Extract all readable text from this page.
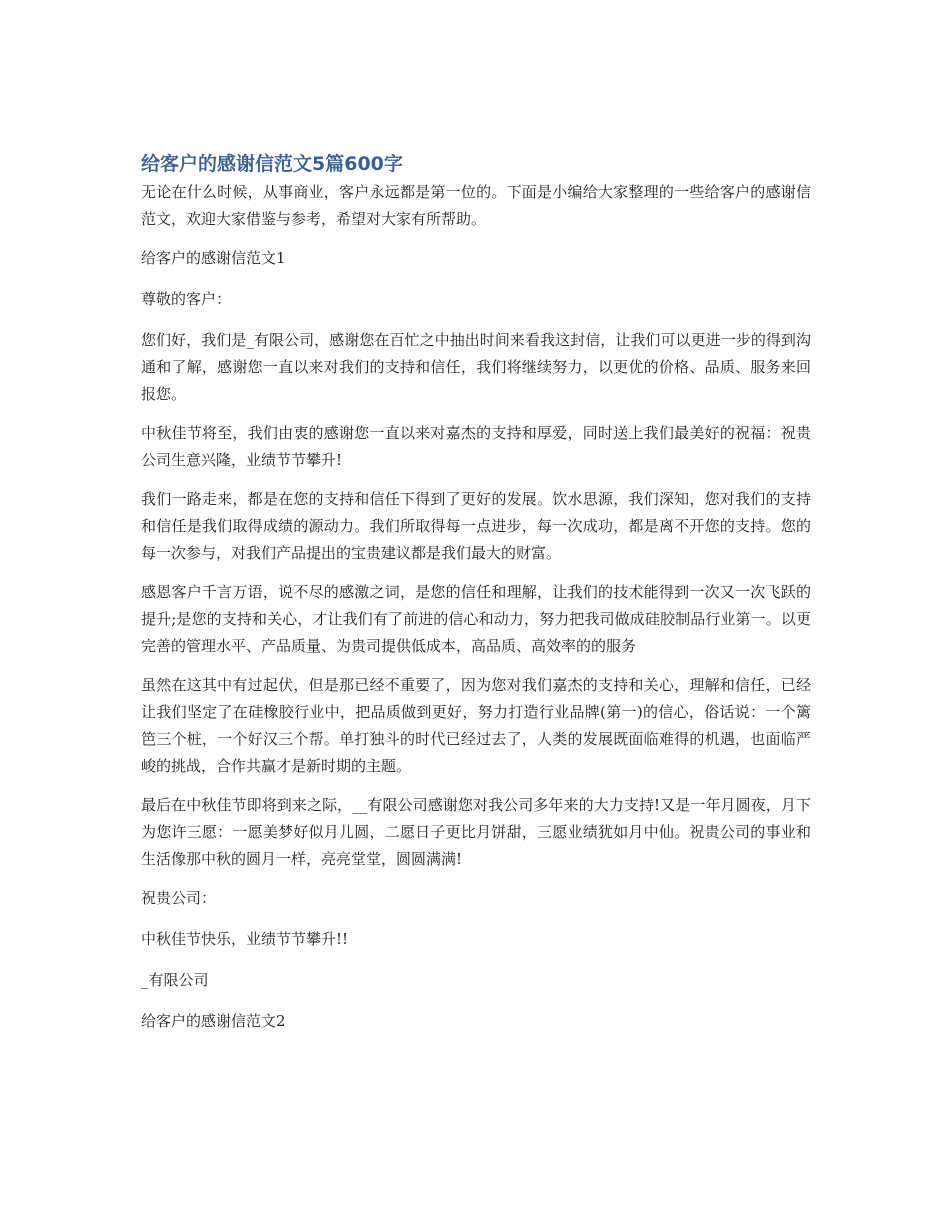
给客户的感谢信范文5篇600字

无论在什么时候，从事商业，客户永远都是第一位的。下面是小编给大家整理的一些给客户的感谢信范文，欢迎大家借鉴与参考，希望对大家有所帮助。

给客户的感谢信范文1

尊敬的客户：

您们好，我们是_有限公司，感谢您在百忙之中抽出时间来看我这封信，让我们可以更进一步的得到沟通和了解，感谢您一直以来对我们的支持和信任，我们将继续努力，以更优的价格、品质、服务来回报您。

中秋佳节将至，我们由衷的感谢您一直以来对嘉杰的支持和厚爱，同时送上我们最美好的祝福：祝贵公司生意兴隆，业绩节节攀升!

我们一路走来，都是在您的支持和信任下得到了更好的发展。饮水思源，我们深知，您对我们的支持和信任是我们取得成绩的源动力。我们所取得每一点进步，每一次成功，都是离不开您的支持。您的每一次参与，对我们产品提出的宝贵建议都是我们最大的财富。

感恩客户千言万语，说不尽的感激之词，是您的信任和理解，让我们的技术能得到一次又一次飞跃的提升;是您的支持和关心，才让我们有了前进的信心和动力，努力把我司做成硅胶制品行业第一。以更完善的管理水平、产品质量、为贵司提供低成本，高品质、高效率的的服务

虽然在这其中有过起伏，但是那已经不重要了，因为您对我们嘉杰的支持和关心，理解和信任，已经让我们坚定了在硅橡胶行业中，把品质做到更好，努力打造行业品牌(第一)的信心，俗话说：一个篱笆三个桩，一个好汉三个帮。单打独斗的时代已经过去了，人类的发展既面临难得的机遇，也面临严峻的挑战，合作共赢才是新时期的主题。

最后在中秋佳节即将到来之际，__有限公司感谢您对我公司多年来的大力支持!又是一年月圆夜，月下为您许三愿：一愿美梦好似月儿圆，二愿日子更比月饼甜，三愿业绩犹如月中仙。祝贵公司的事业和生活像那中秋的圆月一样，亮亮堂堂，圆圆满满!

祝贵公司：

中秋佳节快乐，业绩节节攀升!!

_有限公司

给客户的感谢信范文2
